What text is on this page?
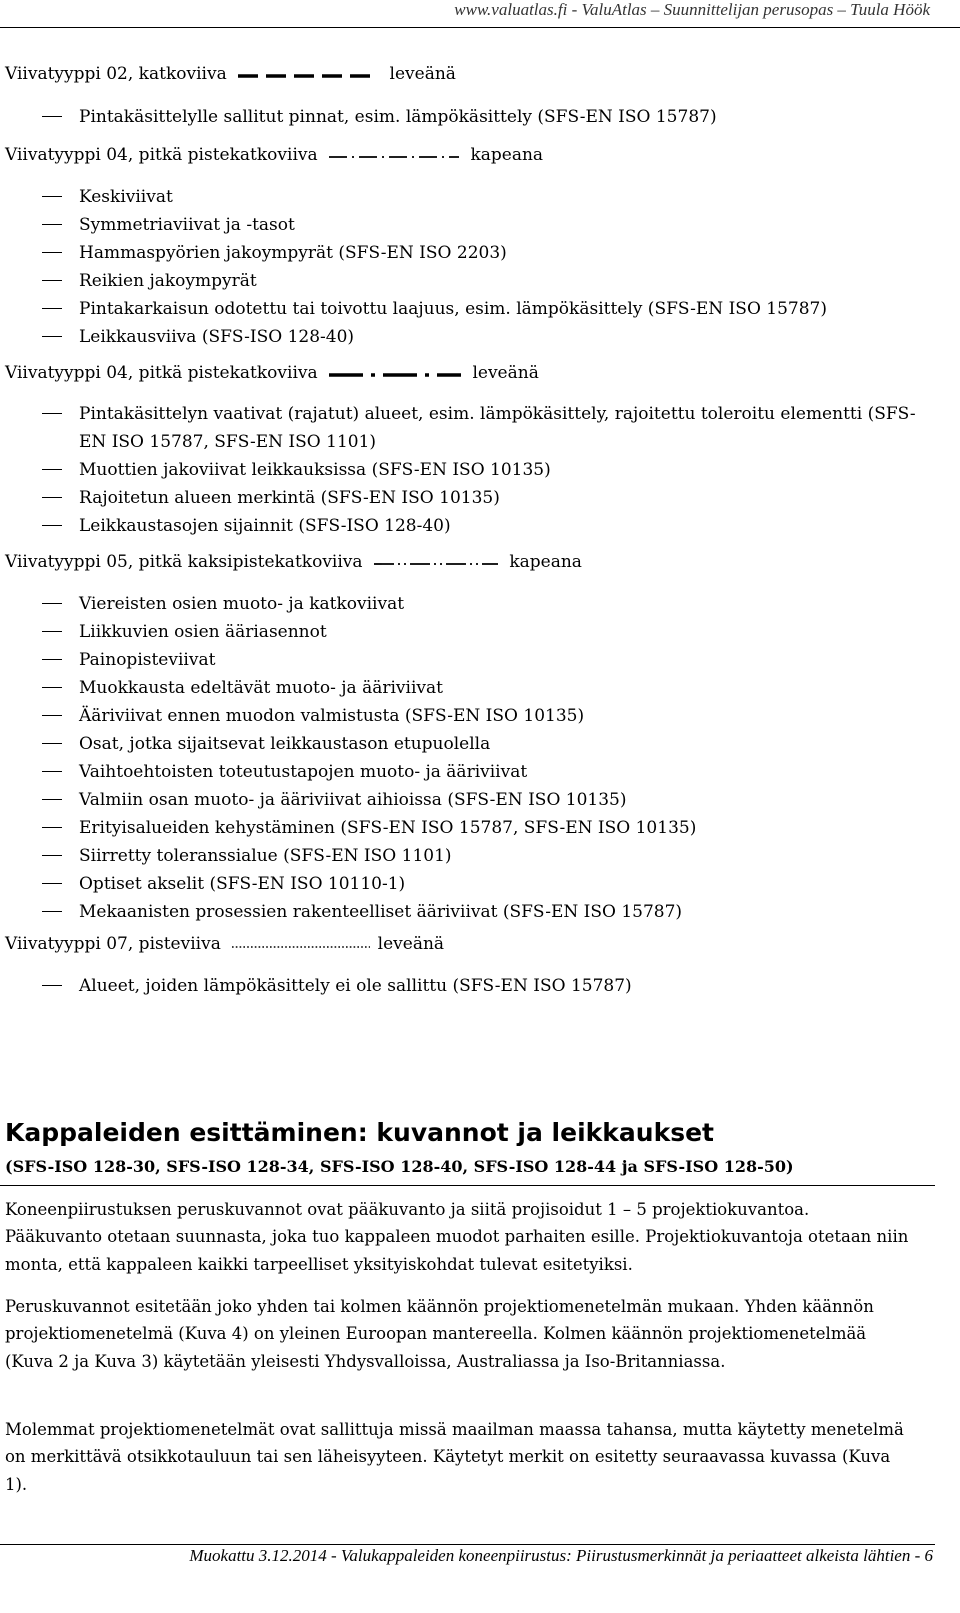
www.valuatlas.fi - ValuAtlas – Suunnittelijan perusopas – Tuula Höök
Viivatyyppi 02, katkoviiva	leveänä
Pintakäsittelylle sallitut pinnat, esim. lämpökäsittely (SFS-EN ISO 15787)
Viivatyyppi 04, pitkä pistekatkoviiva	kapeana
Keskiviivat
Symmetriaviivat ja -tasot
Hammaspyörien jakoympyrät (SFS-EN ISO 2203)
Reikien jakoympyrät
Pintakarkaisun odotettu tai toivottu laajuus, esim. lämpökäsittely (SFS-EN ISO 15787)
Leikkausviiva (SFS-ISO 128-40)
Viivatyyppi 04, pitkä pistekatkoviiva	leveänä
Pintakäsittelyn vaativat (rajatut) alueet, esim. lämpökäsittely, rajoitettu toleroitu elementti (SFS-EN ISO 15787, SFS-EN ISO 1101)
Muottien jakoviivat leikkauksissa (SFS-EN ISO 10135)
Rajoitetun alueen merkintä (SFS-EN ISO 10135)
Leikkaustasojen sijainnit (SFS-ISO 128-40)
Viivatyyppi 05, pitkä kaksipistekatkoviiva	kapeana
Viereisten osien muoto- ja katkoviivat
Liikkuvien osien ääriasennot
Painopisteviivat
Muokkausta edeltävät muoto- ja ääriviivat
Ääriviivat ennen muodon valmistusta (SFS-EN ISO 10135)
Osat, jotka sijaitsevat leikkaustason etupuolella
Vaihtoehtoisten toteutustapojen muoto- ja ääriviivat
Valmiin osan muoto- ja ääriviivat aihioissa (SFS-EN ISO 10135)
Erityisalueiden kehystäminen (SFS-EN ISO 15787, SFS-EN ISO 10135)
Siirretty toleranssialue (SFS-EN ISO 1101)
Optiset akselit (SFS-EN ISO 10110-1)
Mekaanisten prosessien rakenteelliset ääriviivat (SFS-EN ISO 15787)
Viivatyyppi 07, pisteviiva	leveänä
Alueet, joiden lämpökäsittely ei ole sallittu (SFS-EN ISO 15787)
Kappaleiden esittäminen: kuvannot ja leikkaukset
(SFS-ISO 128-30, SFS-ISO 128-34, SFS-ISO 128-40, SFS-ISO 128-44 ja SFS-ISO 128-50)

Koneenpiirustuksen peruskuvannot ovat pääkuvanto ja siitä projisoidut 1 – 5 projektiokuvantoa. Pääkuvanto otetaan suunnasta, joka tuo kappaleen muodot parhaiten esille. Projektiokuvantoja otetaan niin monta, että kappaleen kaikki tarpeelliset yksityiskohdat tulevat esitetyiksi.

Peruskuvannot esitetään joko yhden tai kolmen käännön projektiomenetelmän mukaan. Yhden käännön projektiomenetelmä (Kuva 4) on yleinen Euroopan mantereella. Kolmen käännön projektiomenetelmää (Kuva 2 ja Kuva 3) käytetään yleisesti Yhdysvalloissa, Australiassa ja Iso-Britanniassa.

Molemmat projektiomenetelmät ovat sallittuja missä maailman maassa tahansa, mutta käytetty menetelmä on merkittävä otsikkotauluun tai sen läheisyyteen. Käytetyt merkit on esitetty seuraavassa kuvassa (Kuva 1).

Muokattu 3.12.2014 - Valukappaleiden koneenpiirustus: Piirustusmerkinnät ja periaatteet alkeista lähtien - 6
